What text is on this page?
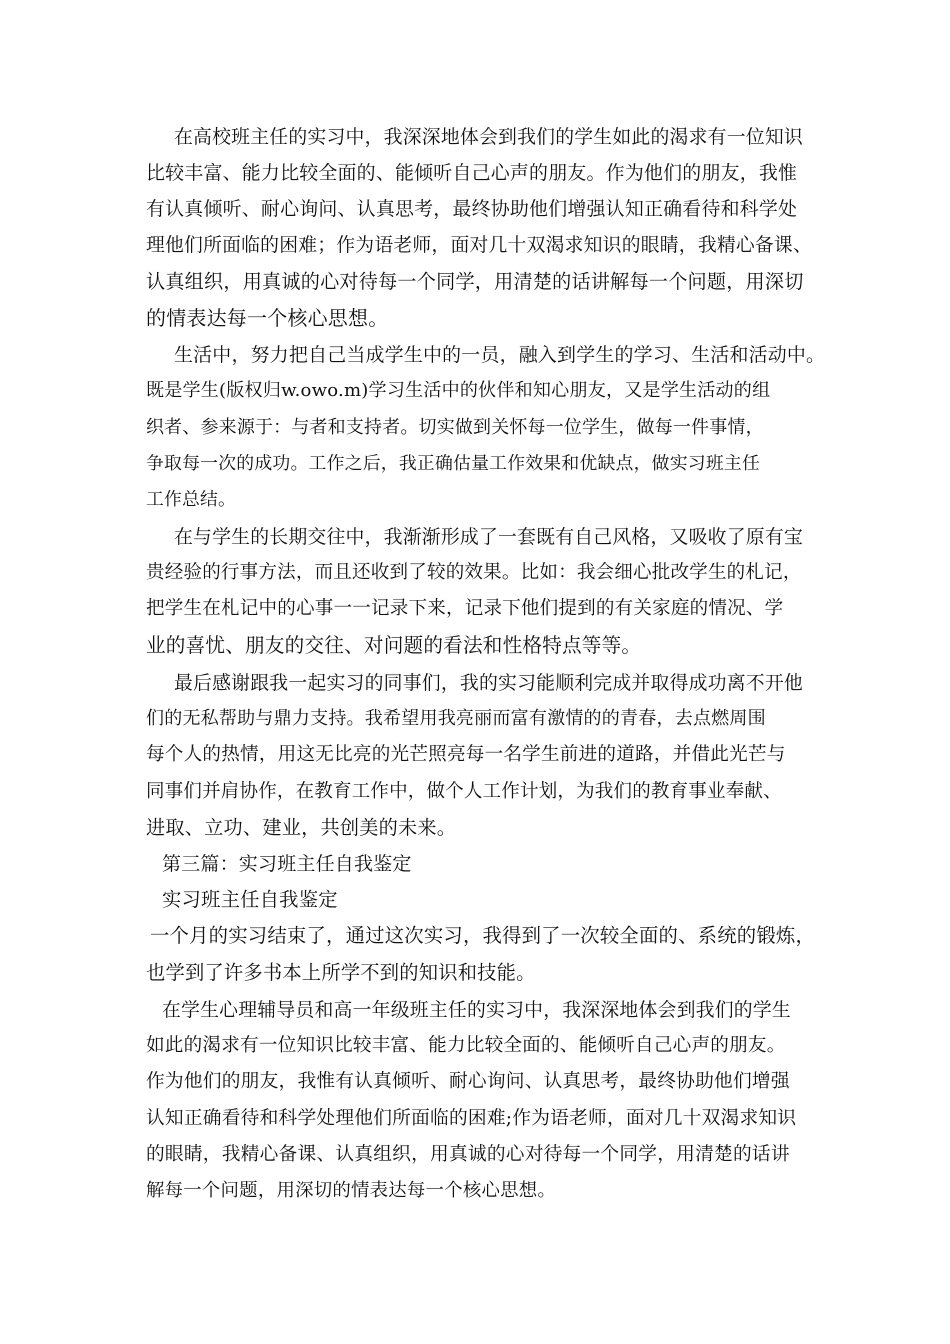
在高校班主任的实习中，我深深地体会到我们的学生如此的渴求有一位知识
比较丰富、能力比较全面的、能倾听自己心声的朋友。作为他们的朋友，我惟
有认真倾听、耐心询问、认真思考，最终协助他们增强认知正确看待和科学处
理他们所面临的困难；作为语老师，面对几十双渴求知识的眼睛，我精心备课、
认真组织，用真诚的心对待每一个同学，用清楚的话讲解每一个问题，用深切
的情表达每一个核心思想。
生活中，努力把自己当成学生中的一员，融入到学生的学习、生活和活动中。
既是学生(版权归w.owo.m)学习生活中的伙伴和知心朋友，又是学生活动的组
织者、参来源于：与者和支持者。切实做到关怀每一位学生，做每一件事情，
争取每一次的成功。工作之后，我正确估量工作效果和优缺点，做实习班主任
工作总结。
在与学生的长期交往中，我渐渐形成了一套既有自己风格，又吸收了原有宝
贵经验的行事方法，而且还收到了较的效果。比如：我会细心批改学生的札记，
把学生在札记中的心事一一记录下来，记录下他们提到的有关家庭的情况、学
业的喜忧、朋友的交往、对问题的看法和性格特点等等。
最后感谢跟我一起实习的同事们，我的实习能顺利完成并取得成功离不开他
们的无私帮助与鼎力支持。我希望用我亮丽而富有激情的的青春，去点燃周围
每个人的热情，用这无比亮的光芒照亮每一名学生前进的道路，并借此光芒与
同事们并肩协作，在教育工作中，做个人工作计划，为我们的教育事业奉献、
进取、立功、建业，共创美的未来。
第三篇：实习班主任自我鉴定
实习班主任自我鉴定
一个月的实习结束了，通过这次实习，我得到了一次较全面的、系统的锻炼，
也学到了许多书本上所学不到的知识和技能。
在学生心理辅导员和高一年级班主任的实习中，我深深地体会到我们的学生
如此的渴求有一位知识比较丰富、能力比较全面的、能倾听自己心声的朋友。
作为他们的朋友，我惟有认真倾听、耐心询问、认真思考，最终协助他们增强
认知正确看待和科学处理他们所面临的困难;作为语老师，面对几十双渴求知识
的眼睛，我精心备课、认真组织，用真诚的心对待每一个同学，用清楚的话讲
解每一个问题，用深切的情表达每一个核心思想。
